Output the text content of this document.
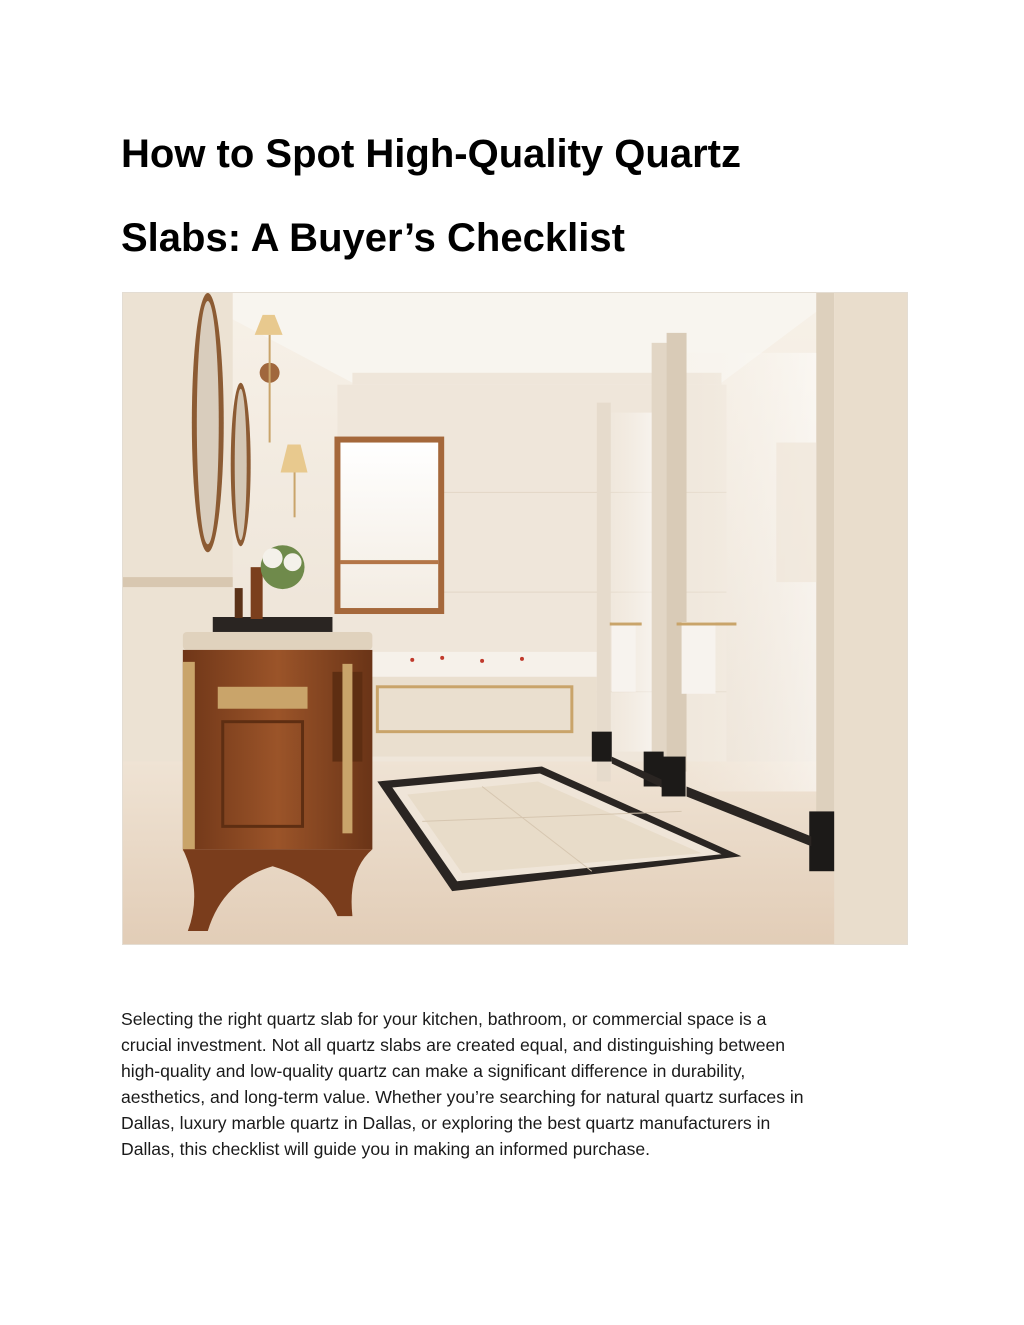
How to Spot High-Quality Quartz
Slabs: A Buyer’s Checklist

Selecting the right quartz slab for your kitchen, bathroom, or commercial space is a
crucial investment. Not all quartz slabs are created equal, and distinguishing between
high-quality and low-quality quartz can make a significant difference in durability,
aesthetics, and long-term value. Whether you’re searching for natural quartz surfaces in
Dallas, luxury marble quartz in Dallas, or exploring the best quartz manufacturers in
Dallas, this checklist will guide you in making an informed purchase.
